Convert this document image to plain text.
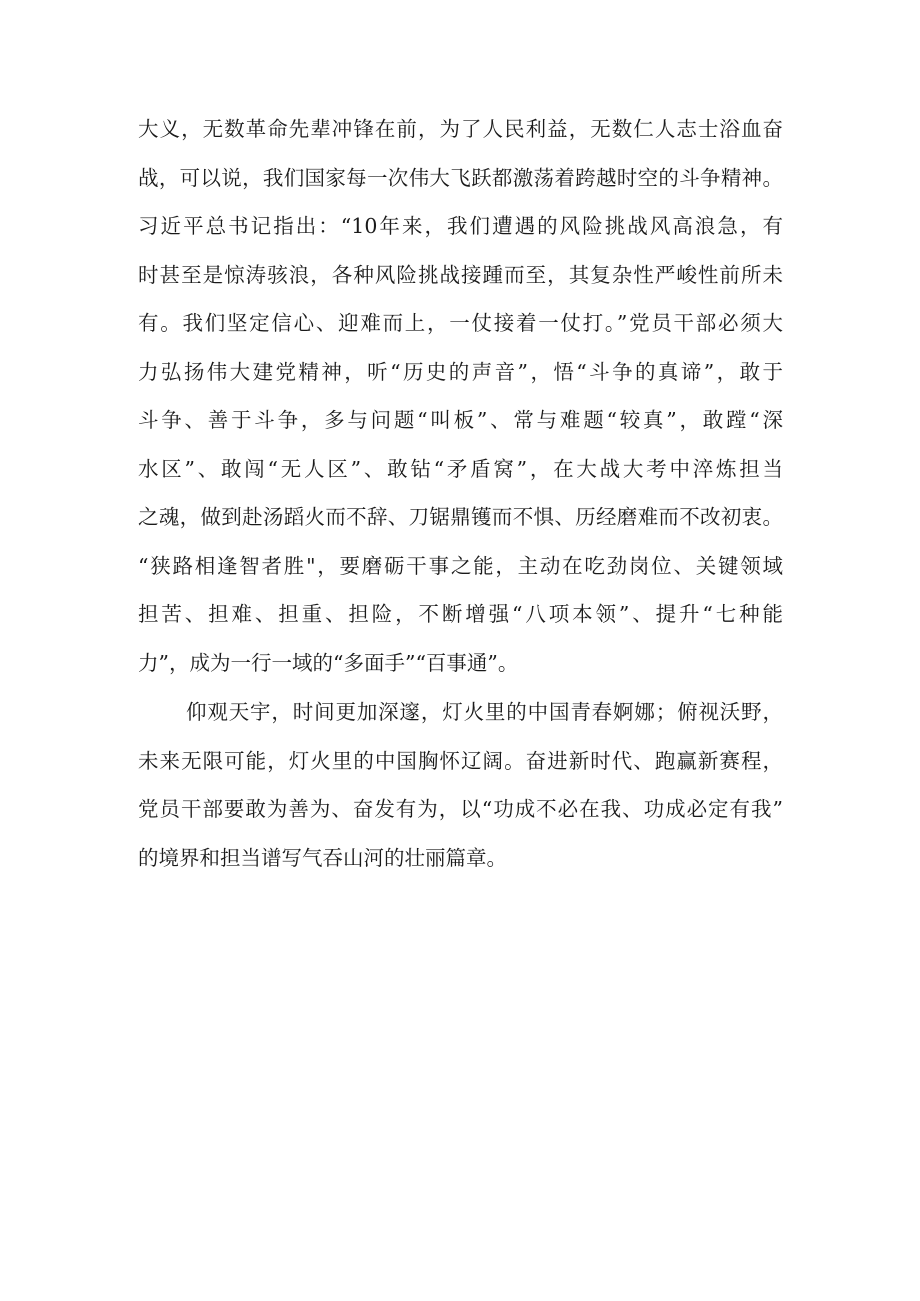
大义，无数革命先辈冲锋在前，为了人民利益，无数仁人志士浴血奋
战，可以说，我们国家每一次伟大飞跃都激荡着跨越时空的斗争精神。
习近平总书记指出：“10年来，我们遭遇的风险挑战风高浪急，有
时甚至是惊涛骇浪，各种风险挑战接踵而至，其复杂性严峻性前所未
有。我们坚定信心、迎难而上，一仗接着一仗打。”党员干部必须大
力弘扬伟大建党精神，听“历史的声音”，悟“斗争的真谛”，敢于
斗争、善于斗争，多与问题“叫板”、常与难题“较真”，敢蹚“深
水区”、敢闯“无人区”、敢钻“矛盾窝”，在大战大考中淬炼担当
之魂，做到赴汤蹈火而不辞、刀锯鼎镬而不惧、历经磨难而不改初衷。
“狭路相逢智者胜"，要磨砺干事之能，主动在吃劲岗位、关键领域
担苦、担难、担重、担险，不断增强“八项本领”、提升“七种能
力”，成为一行一域的“多面手”“百事通”。
仰观天宇，时间更加深邃，灯火里的中国青春婀娜；俯视沃野，
未来无限可能，灯火里的中国胸怀辽阔。奋进新时代、跑赢新赛程，
党员干部要敢为善为、奋发有为，以“功成不必在我、功成必定有我”
的境界和担当谱写气吞山河的壮丽篇章。
